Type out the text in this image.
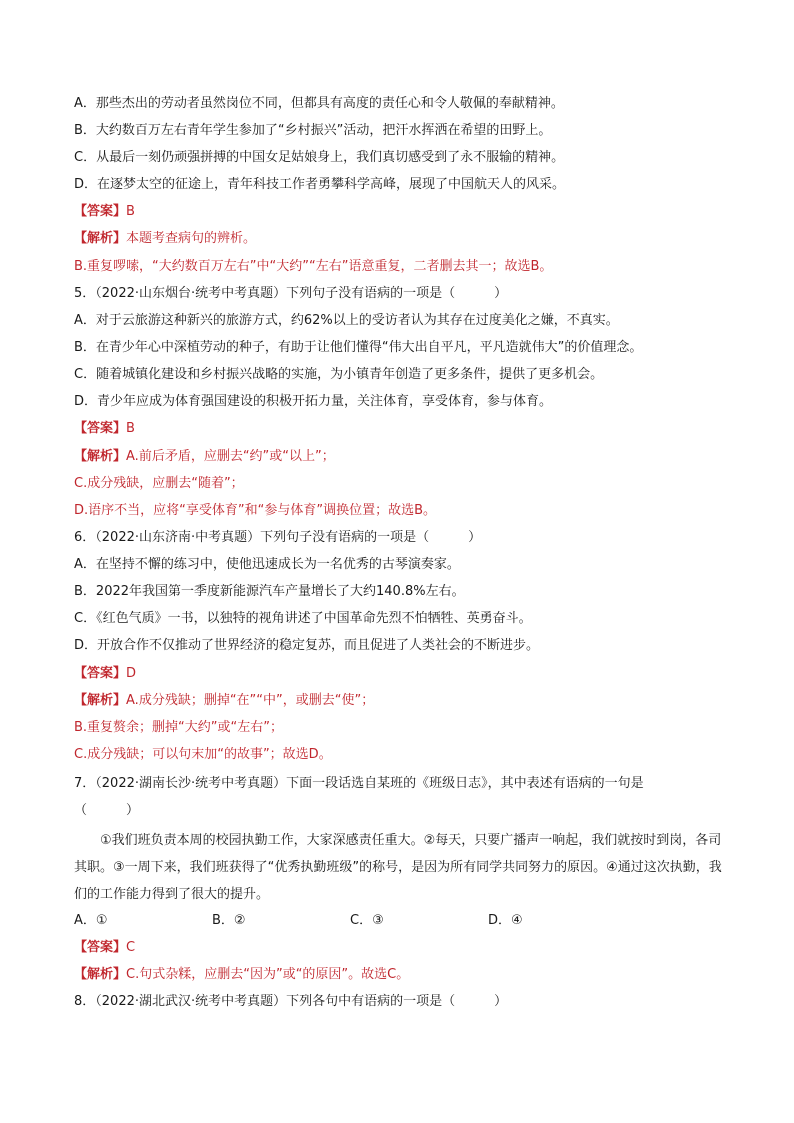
A．那些杰出的劳动者虽然岗位不同，但都具有高度的责任心和令人敬佩的奉献精神。
B．大约数百万左右青年学生参加了“乡村振兴”活动，把汗水挥洒在希望的田野上。
C．从最后一刻仍顽强拼搏的中国女足姑娘身上，我们真切感受到了永不服输的精神。
D．在逐梦太空的征途上，青年科技工作者勇攀科学高峰，展现了中国航天人的风采。
【答案】B
【解析】本题考查病句的辨析。
B.重复啰嗦，“大约数百万左右”中“大约”“左右”语意重复，二者删去其一；故选B。
5．（2022·山东烟台·统考中考真题）下列句子没有语病的一项是（　　　）
A．对于云旅游这种新兴的旅游方式，约62%以上的受访者认为其存在过度美化之嫌，不真实。
B．在青少年心中深植劳动的种子，有助于让他们懂得“伟大出自平凡，平凡造就伟大”的价值理念。
C．随着城镇化建设和乡村振兴战略的实施，为小镇青年创造了更多条件，提供了更多机会。
D．青少年应成为体育强国建设的积极开拓力量，关注体育，享受体育，参与体育。
【答案】B
【解析】A.前后矛盾，应删去“约”或“以上”；
C.成分残缺，应删去“随着”；
D.语序不当，应将“享受体育”和“参与体育”调换位置；故选B。
6．（2022·山东济南·中考真题）下列句子没有语病的一项是（　　　）
A．在坚持不懈的练习中，使他迅速成长为一名优秀的古琴演奏家。
B．2022年我国第一季度新能源汽车产量增长了大约140.8%左右。
C．《红色气质》一书，以独特的视角讲述了中国革命先烈不怕牺牲、英勇奋斗。
D．开放合作不仅推动了世界经济的稳定复苏，而且促进了人类社会的不断进步。
【答案】D
【解析】A.成分残缺；删掉“在”“中”，或删去“使”；
B.重复赘余；删掉“大约”或“左右”；
C.成分残缺；可以句末加“的故事”；故选D。
7．（2022·湖南长沙·统考中考真题）下面一段话选自某班的《班级日志》，其中表述有语病的一句是
（　　　）
①我们班负责本周的校园执勤工作，大家深感责任重大。②每天，只要广播声一响起，我们就按时到岗，各司其职。③一周下来，我们班获得了“优秀执勤班级”的称号，是因为所有同学共同努力的原因。④通过这次执勤，我们的工作能力得到了很大的提升。
A．①	B．②	C．③	D．④
【答案】C
【解析】C.句式杂糅，应删去“因为”或“的原因”。故选C。
8．（2022·湖北武汉·统考中考真题）下列各句中有语病的一项是（　　　）
